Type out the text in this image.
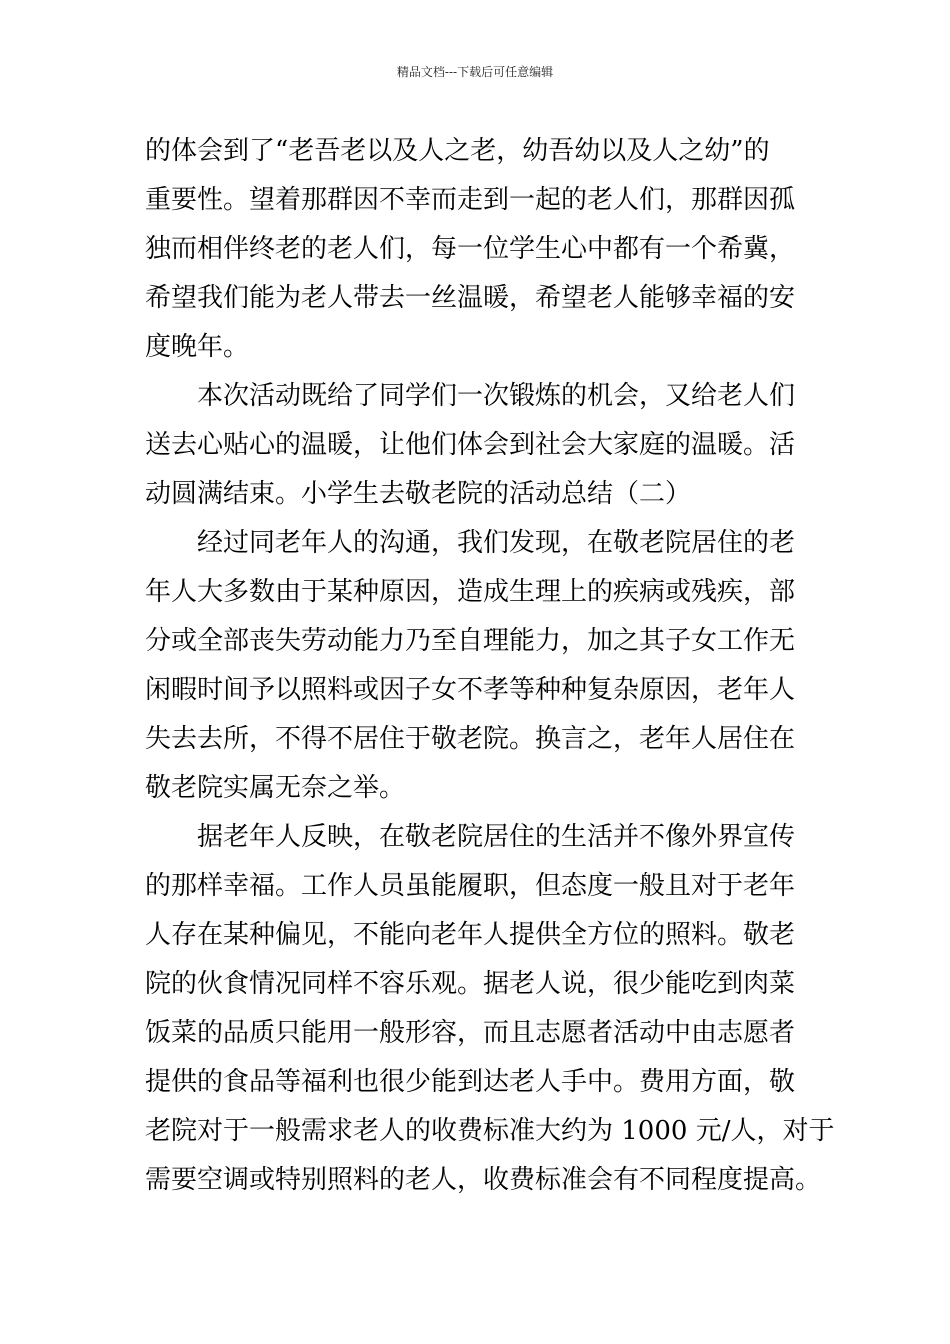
精品文档---下载后可任意编辑

的体会到了“老吾老以及人之老，幼吾幼以及人之幼”的
重要性。望着那群因不幸而走到一起的老人们，那群因孤
独而相伴终老的老人们，每一位学生心中都有一个希冀，
希望我们能为老人带去一丝温暖，希望老人能够幸福的安
度晚年。

本次活动既给了同学们一次锻炼的机会，又给老人们
送去心贴心的温暖，让他们体会到社会大家庭的温暖。活
动圆满结束。小学生去敬老院的活动总结（二）

经过同老年人的沟通，我们发现，在敬老院居住的老
年人大多数由于某种原因，造成生理上的疾病或残疾，部
分或全部丧失劳动能力乃至自理能力，加之其子女工作无
闲暇时间予以照料或因子女不孝等种种复杂原因，老年人
失去去所，不得不居住于敬老院。换言之，老年人居住在
敬老院实属无奈之举。

据老年人反映，在敬老院居住的生活并不像外界宣传
的那样幸福。工作人员虽能履职，但态度一般且对于老年
人存在某种偏见，不能向老年人提供全方位的照料。敬老
院的伙食情况同样不容乐观。据老人说，很少能吃到肉菜
饭菜的品质只能用一般形容，而且志愿者活动中由志愿者
提供的食品等福利也很少能到达老人手中。费用方面，敬
老院对于一般需求老人的收费标准大约为 1000 元/人，对于
需要空调或特别照料的老人，收费标准会有不同程度提高。
